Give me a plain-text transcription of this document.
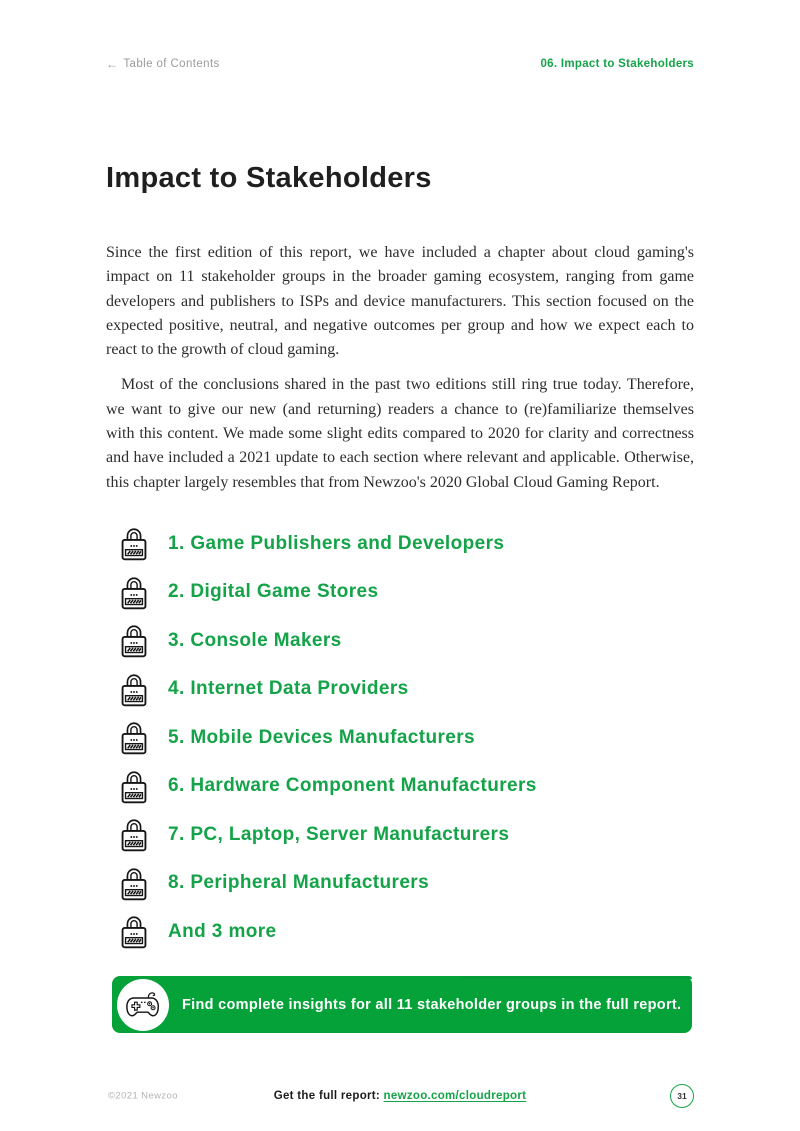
← Table of Contents	06. Impact to Stakeholders
Impact to Stakeholders

Since the first edition of this report, we have included a chapter about cloud gaming's impact on 11 stakeholder groups in the broader gaming ecosystem, ranging from game developers and publishers to ISPs and device manufacturers. This section focused on the expected positive, neutral, and negative outcomes per group and how we expect each to react to the growth of cloud gaming.

Most of the conclusions shared in the past two editions still ring true today. Therefore, we want to give our new (and returning) readers a chance to (re)familiarize themselves with this content. We made some slight edits compared to 2020 for clarity and correctness and have included a 2021 update to each section where relevant and applicable. Otherwise, this chapter largely resembles that from Newzoo's 2020 Global Cloud Gaming Report.

1. Game Publishers and Developers
2. Digital Game Stores
3. Console Makers
4. Internet Data Providers
5. Mobile Devices Manufacturers
6. Hardware Component Manufacturers
7. PC, Laptop, Server Manufacturers
8. Peripheral Manufacturers
And 3 more
Find complete insights for all 11 stakeholder groups in the full report.
©2021 Newzoo	Get the full report: newzoo.com/cloudreport	31
